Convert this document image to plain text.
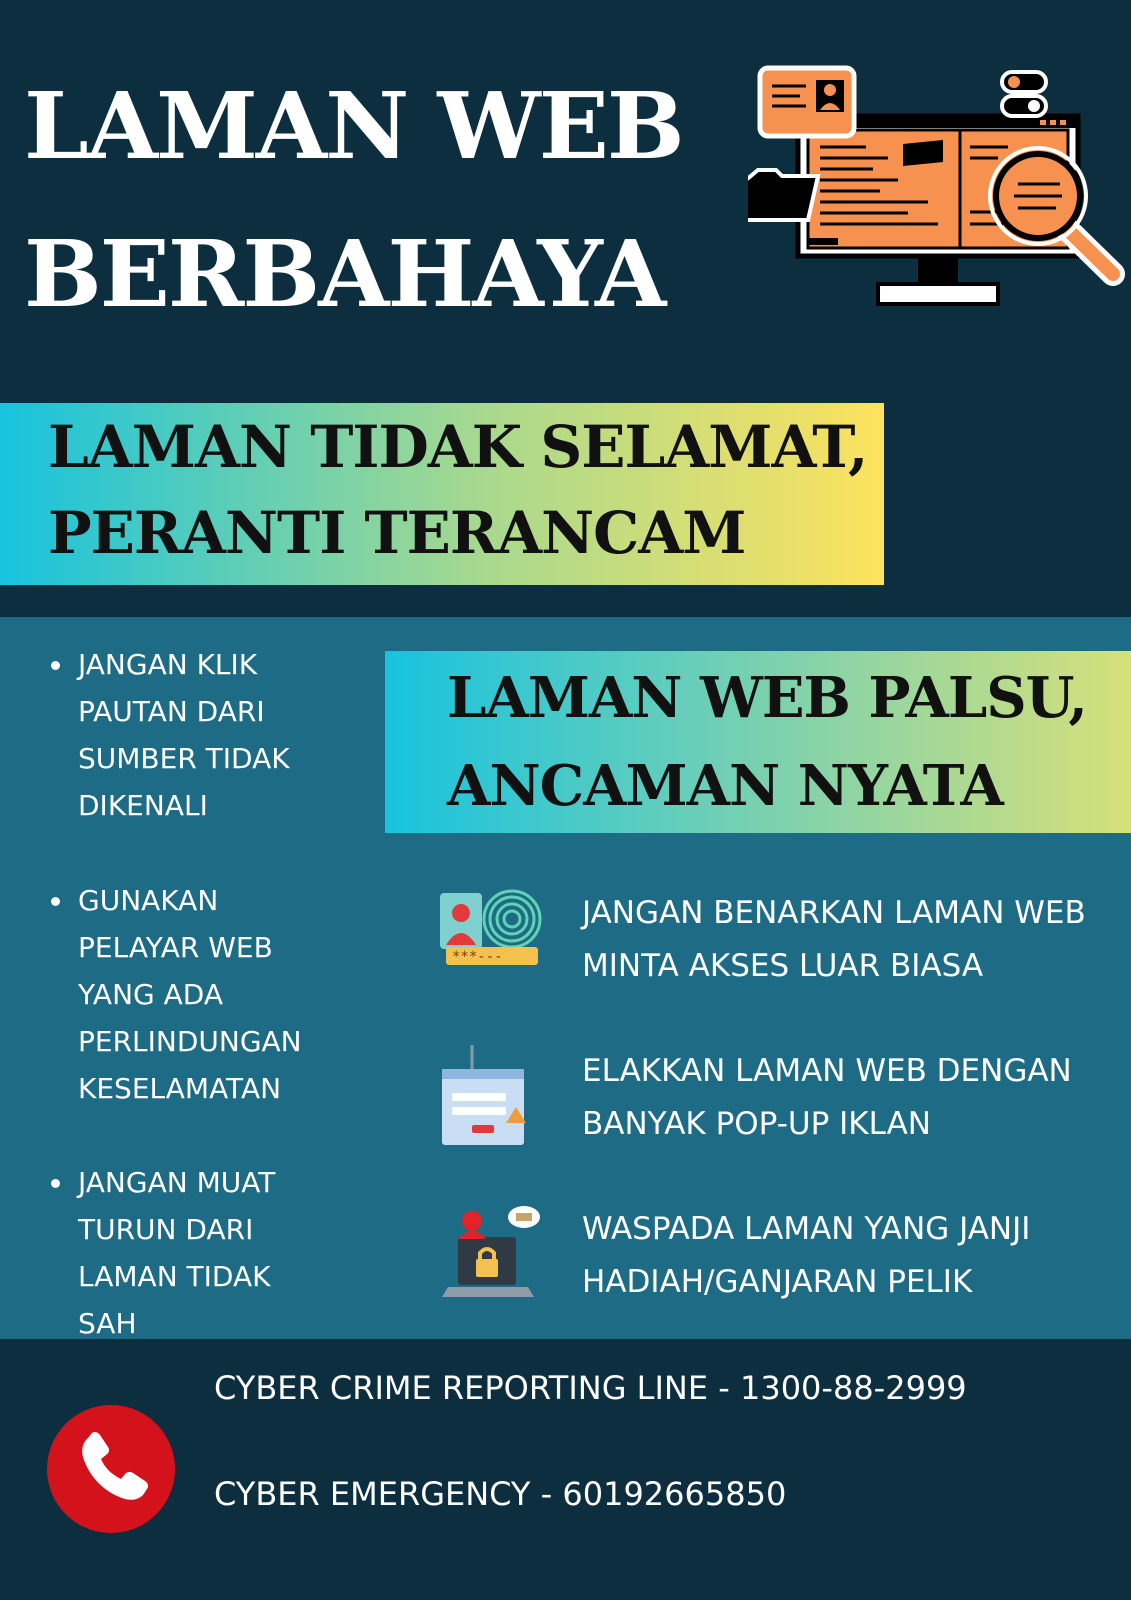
LAMAN WEB
BERBAHAYA
LAMAN TIDAK SELAMAT,
PERANTI TERANCAM
JANGAN KLIK
PAUTAN DARI
SUMBER TIDAK
DIKENALI
GUNAKAN
PELAYAR WEB
YANG ADA
PERLINDUNGAN
KESELAMATAN
JANGAN MUAT
TURUN DARI
LAMAN TIDAK
SAH
LAMAN WEB PALSU,
ANCAMAN NYATA
***---
JANGAN BENARKAN LAMAN WEB
MINTA AKSES LUAR BIASA
ELAKKAN LAMAN WEB DENGAN
BANYAK POP-UP IKLAN
WASPADA LAMAN YANG JANJI
HADIAH/GANJARAN PELIK
CYBER CRIME REPORTING LINE - 1300-88-2999
CYBER EMERGENCY - 60192665850
